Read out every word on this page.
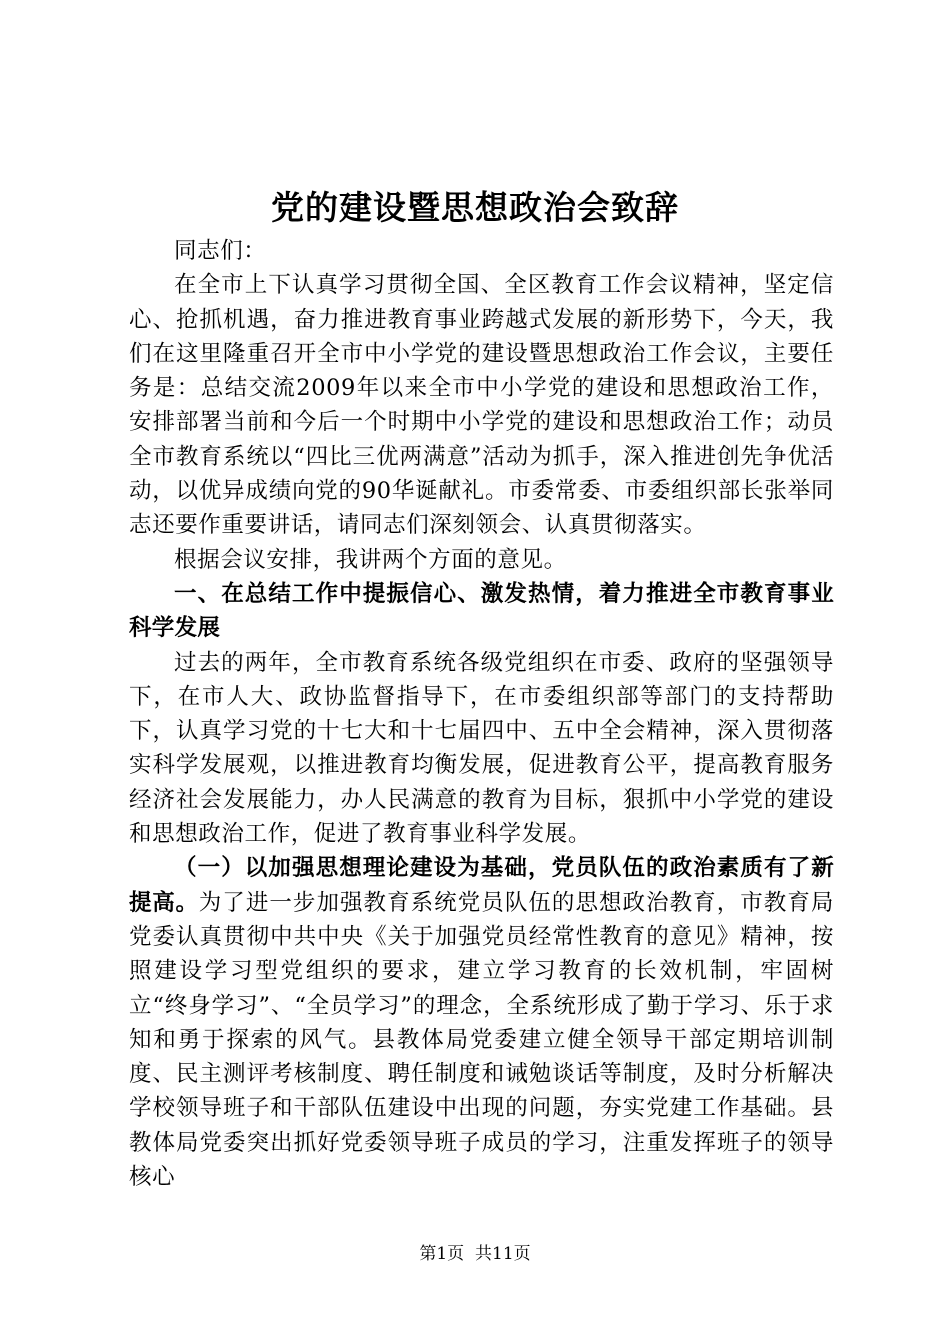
党的建设暨思想政治会致辞

同志们：

在全市上下认真学习贯彻全国、全区教育工作会议精神，坚定信心、抢抓机遇，奋力推进教育事业跨越式发展的新形势下，今天，我们在这里隆重召开全市中小学党的建设暨思想政治工作会议，主要任务是：总结交流2009年以来全市中小学党的建设和思想政治工作，安排部署当前和今后一个时期中小学党的建设和思想政治工作；动员全市教育系统以“四比三优两满意”活动为抓手，深入推进创先争优活动，以优异成绩向党的90华诞献礼。市委常委、市委组织部长张举同志还要作重要讲话，请同志们深刻领会、认真贯彻落实。

根据会议安排，我讲两个方面的意见。

一、在总结工作中提振信心、激发热情，着力推进全市教育事业科学发展

过去的两年，全市教育系统各级党组织在市委、政府的坚强领导下，在市人大、政协监督指导下，在市委组织部等部门的支持帮助下，认真学习党的十七大和十七届四中、五中全会精神，深入贯彻落实科学发展观，以推进教育均衡发展，促进教育公平，提高教育服务经济社会发展能力，办人民满意的教育为目标，狠抓中小学党的建设和思想政治工作，促进了教育事业科学发展。

（一）以加强思想理论建设为基础，党员队伍的政治素质有了新提高。为了进一步加强教育系统党员队伍的思想政治教育，市教育局党委认真贯彻中共中央《关于加强党员经常性教育的意见》精神，按照建设学习型党组织的要求，建立学习教育的长效机制，牢固树立“终身学习”、“全员学习”的理念，全系统形成了勤于学习、乐于求知和勇于探索的风气。县教体局党委建立健全领导干部定期培训制度、民主测评考核制度、聘任制度和诫勉谈话等制度，及时分析解决学校领导班子和干部队伍建设中出现的问题，夯实党建工作基础。县教体局党委突出抓好党委领导班子成员的学习，注重发挥班子的领导核心

第1页 共11页
